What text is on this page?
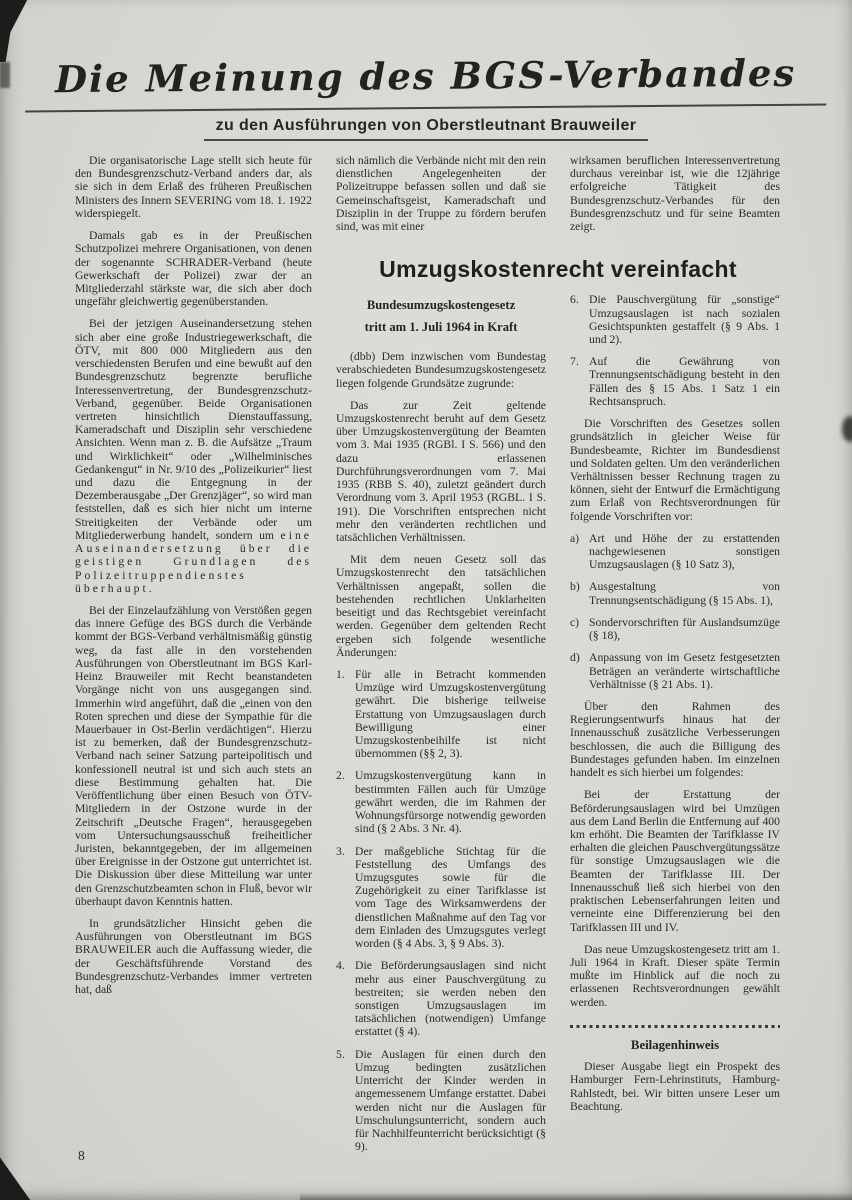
Die Meinung des BGS-Verbandes
zu den Ausführungen von Oberstleutnant Brauweiler

Die organisatorische Lage stellt sich heute für den Bundesgrenzschutz-Verband anders dar, als sie sich in dem Erlaß des früheren Preußischen Ministers des Innern SEVERING vom 18. 1. 1922 widerspiegelt.

Damals gab es in der Preußischen Schutzpolizei mehrere Organisationen, von denen der sogenannte SCHRADER-Verband (heute Gewerkschaft der Polizei) zwar der an Mitgliederzahl stärkste war, die sich aber doch ungefähr gleichwertig gegenüberstanden.

Bei der jetzigen Auseinandersetzung stehen sich aber eine große Industriegewerkschaft, die ÖTV, mit 800 000 Mitgliedern aus den verschiedensten Berufen und eine bewußt auf den Bundesgrenzschutz begrenzte berufliche Interessenvertretung, der Bundesgrenzschutz-Verband, gegenüber. Beide Organisationen vertreten hinsichtlich Dienstauffassung, Kameradschaft und Disziplin sehr verschiedene Ansichten. Wenn man z. B. die Aufsätze „Traum und Wirklichkeit“ oder „Wilhelminisches Gedankengut“ in Nr. 9/10 des „Polizeikurier“ liest und dazu die Entgegnung in der Dezemberausgabe „Der Grenzjäger“, so wird man feststellen, daß es sich hier nicht um interne Streitigkeiten der Verbände oder um Mitgliederwerbung handelt, sondern um eine Auseinandersetzung über die geistigen Grundlagen des Polizeitruppendienstes überhaupt.

Bei der Einzelaufzählung von Verstößen gegen das innere Gefüge des BGS durch die Verbände kommt der BGS-Verband verhältnismäßig günstig weg, da fast alle in den vorstehenden Ausführungen von Oberstleutnant im BGS Karl-Heinz Brauweiler mit Recht beanstandeten Vorgänge nicht von uns ausgegangen sind. Immerhin wird angeführt, daß die „einen von den Roten sprechen und diese der Sympathie für die Mauerbauer in Ost-Berlin verdächtigen“. Hierzu ist zu bemerken, daß der Bundesgrenzschutz-Verband nach seiner Satzung parteipolitisch und konfessionell neutral ist und sich auch stets an diese Bestimmung gehalten hat. Die Veröffentlichung über einen Besuch von ÖTV-Mitgliedern in der Ostzone wurde in der Zeitschrift „Deutsche Fragen“, herausgegeben vom Untersuchungsausschuß freiheitlicher Juristen, bekanntgegeben, der im allgemeinen über Ereignisse in der Ostzone gut unterrichtet ist. Die Diskussion über diese Mitteilung war unter den Grenzschutzbeamten schon in Fluß, bevor wir überhaupt davon Kenntnis hatten.

In grundsätzlicher Hinsicht geben die Ausführungen von Oberstleutnant im BGS BRAUWEILER auch die Auffassung wieder, die der Geschäftsführende Vorstand des Bundesgrenzschutz-Verbandes immer vertreten hat, daß

sich nämlich die Verbände nicht mit den rein dienstlichen Angelegenheiten der Polizeitruppe befassen sollen und daß sie Gemeinschaftsgeist, Kameradschaft und Disziplin in der Truppe zu fördern berufen sind, was mit einer

wirksamen beruflichen Interessenvertretung durchaus vereinbar ist, wie die 12jährige erfolgreiche Tätigkeit des Bundesgrenzschutz-Verbandes für den Bundesgrenzschutz und für seine Beamten zeigt.

Umzugskostenrecht vereinfacht
Bundesumzugskostengesetz
tritt am 1. Juli 1964 in Kraft

(dbb) Dem inzwischen vom Bundestag verabschiedeten Bundesumzugskostengesetz liegen folgende Grundsätze zugrunde:

Das zur Zeit geltende Umzugskostenrecht beruht auf dem Gesetz über Umzugskostenvergütung der Beamten vom 3. Mai 1935 (RGBl. I S. 566) und den dazu erlassenen Durchführungsverordnungen vom 7. Mai 1935 (RBB S. 40), zuletzt geändert durch Verordnung vom 3. April 1953 (RGBL. I S. 191). Die Vorschriften entsprechen nicht mehr den veränderten rechtlichen und tatsächlichen Verhältnissen.

Mit dem neuen Gesetz soll das Umzugskostenrecht den tatsächlichen Verhältnissen angepaßt, sollen die bestehenden rechtlichen Unklarheiten beseitigt und das Rechtsgebiet vereinfacht werden. Gegenüber dem geltenden Recht ergeben sich folgende wesentliche Änderungen:

1. Für alle in Betracht kommenden Umzüge wird Umzugskostenvergütung gewährt. Die bisherige teilweise Erstattung von Umzugsauslagen durch Bewilligung einer Umzugskostenbeihilfe ist nicht übernommen (§§ 2, 3).
2. Umzugskostenvergütung kann in bestimmten Fällen auch für Umzüge gewährt werden, die im Rahmen der Wohnungsfürsorge notwendig geworden sind (§ 2 Abs. 3 Nr. 4).
3. Der maßgebliche Stichtag für die Feststellung des Umfangs des Umzugsgutes sowie für die Zugehörigkeit zu einer Tarifklasse ist vom Tage des Wirksamwerdens der dienstlichen Maßnahme auf den Tag vor dem Einladen des Umzugsgutes verlegt worden (§ 4 Abs. 3, § 9 Abs. 3).
4. Die Beförderungsauslagen sind nicht mehr aus einer Pauschvergütung zu bestreiten; sie werden neben den sonstigen Umzugsauslagen im tatsächlichen (notwendigen) Umfange erstattet (§ 4).
5. Die Auslagen für einen durch den Umzug bedingten zusätzlichen Unterricht der Kinder werden in angemessenem Umfange erstattet. Dabei werden nicht nur die Auslagen für Umschulungsunterricht, sondern auch für Nachhilfeunterricht berücksichtigt (§ 9).
6. Die Pauschvergütung für „sonstige“ Umzugsauslagen ist nach sozialen Gesichtspunkten gestaffelt (§ 9 Abs. 1 und 2).
7. Auf die Gewährung von Trennungsentschädigung besteht in den Fällen des § 15 Abs. 1 Satz 1 ein Rechtsanspruch.

Die Vorschriften des Gesetzes sollen grundsätzlich in gleicher Weise für Bundesbeamte, Richter im Bundesdienst und Soldaten gelten. Um den veränderlichen Verhältnissen besser Rechnung tragen zu können, sieht der Entwurf die Ermächtigung zum Erlaß von Rechtsverordnungen für folgende Vorschriften vor:

a) Art und Höhe der zu erstattenden nachgewiesenen sonstigen Umzugsauslagen (§ 10 Satz 3),
b) Ausgestaltung von Trennungsentschädigung (§ 15 Abs. 1),
c) Sondervorschriften für Auslandsumzüge (§ 18),
d) Anpassung von im Gesetz festgesetzten Beträgen an veränderte wirtschaftliche Verhältnisse (§ 21 Abs. 1).

Über den Rahmen des Regierungsentwurfs hinaus hat der Innenausschuß zusätzliche Verbesserungen beschlossen, die auch die Billigung des Bundestages gefunden haben. Im einzelnen handelt es sich hierbei um folgendes:

Bei der Erstattung der Beförderungsauslagen wird bei Umzügen aus dem Land Berlin die Entfernung auf 400 km erhöht. Die Beamten der Tarifklasse IV erhalten die gleichen Pauschvergütungssätze für sonstige Umzugsauslagen wie die Beamten der Tarifklasse III. Der Innenausschuß ließ sich hierbei von den praktischen Lebenserfahrungen leiten und verneinte eine Differenzierung bei den Tarifklassen III und IV.

Das neue Umzugskostengesetz tritt am 1. Juli 1964 in Kraft. Dieser späte Termin mußte im Hinblick auf die noch zu erlassenen Rechtsverordnungen gewählt werden.

Beilagenhinweis

Dieser Ausgabe liegt ein Prospekt des Hamburger Fern-Lehrinstituts, Hamburg-Rahlstedt, bei. Wir bitten unsere Leser um Beachtung.

8
